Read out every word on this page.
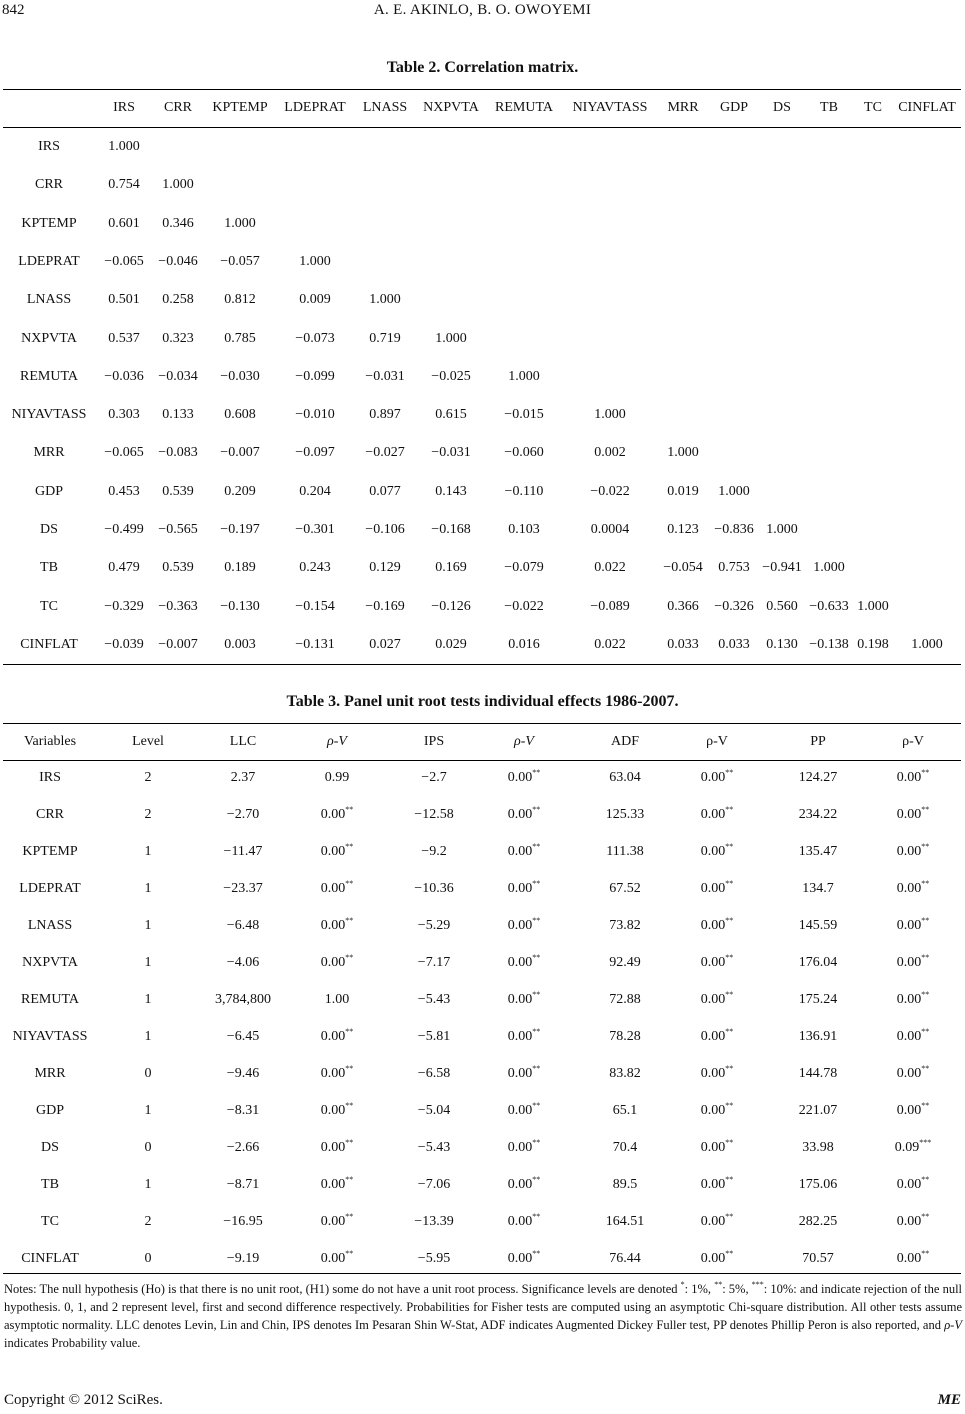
842	A. E. AKINLO, B. O. OWOYEMI
Table 2. Correlation matrix.
IRS CRR KPTEMP LDEPRAT LNASS NXPVTA REMUTA NIYAVTASS MRR GDP DS TB TC CINFLAT
IRS	1.000
CRR	0.754 1.000
KPTEMP 0.601 0.346 1.000
LDEPRAT −0.065 −0.046 −0.057	1.000
LNASS	0.501 0.258 0.812	0.009	1.000
NXPVTA 0.537 0.323 0.785	−0.073 0.719 1.000
REMUTA −0.036 −0.034 −0.030	−0.099 −0.031 −0.025	1.000
NIYAVTASS 0.303 0.133 0.608	−0.010 0.897 0.615	−0.015	1.000
MRR	−0.065 −0.083 −0.007	−0.097 −0.027 −0.031 −0.060	0.002	1.000
GDP	0.453 0.539 0.209	0.204	0.077 0.143	−0.110	−0.022	0.019 1.000
DS	−0.499 −0.565 −0.197	−0.301 −0.106 −0.168	0.103	0.0004	0.123 −0.836 1.000
TB	0.479 0.539 0.189	0.243	0.129 0.169	−0.079	0.022	−0.054 0.753 −0.941 1.000
TC	−0.329 −0.363 −0.130	−0.154 −0.169 −0.126 −0.022	−0.089	0.366 −0.326 0.560 −0.633 1.000
CINFLAT −0.039 −0.007 0.003	−0.131 0.027 0.029	0.016	0.022	0.033 0.033 0.130 −0.138 0.198 1.000
Table 3. Panel unit root tests individual effects 1986-2007.
Variables	Level	LLC	ρ-V	IPS	ρ-V	ADF	ρ-V	PP	ρ-V
IRS	2	2.37	0.99	−2.7	0.00**	63.04	0.00**	124.27	0.00**
CRR	2	−2.70	0.00**	−12.58	0.00**	125.33	0.00**	234.22	0.00**
KPTEMP	1	−11.47	0.00**	−9.2	0.00**	111.38	0.00**	135.47	0.00**
LDEPRAT	1	−23.37	0.00**	−10.36	0.00**	67.52	0.00**	134.7	0.00**
LNASS	1	−6.48	0.00**	−5.29	0.00**	73.82	0.00**	145.59	0.00**
NXPVTA	1	−4.06	0.00**	−7.17	0.00**	92.49	0.00**	176.04	0.00**
REMUTA	1	3,784,800	1.00	−5.43	0.00**	72.88	0.00**	175.24	0.00**
NIYAVTASS	1	−6.45	0.00**	−5.81	0.00**	78.28	0.00**	136.91	0.00**
MRR	0	−9.46	0.00**	−6.58	0.00**	83.82	0.00**	144.78	0.00**
GDP	1	−8.31	0.00**	−5.04	0.00**	65.1	0.00**	221.07	0.00**
DS	0	−2.66	0.00**	−5.43	0.00**	70.4	0.00**	33.98	0.09***
TB	1	−8.71	0.00**	−7.06	0.00**	89.5	0.00**	175.06	0.00**
TC	2	−16.95	0.00**	−13.39	0.00**	164.51	0.00**	282.25	0.00**
CINFLAT	0	−9.19	0.00**	−5.95	0.00**	76.44	0.00**	70.57	0.00**
Notes: The null hypothesis (Ho) is that there is no unit root, (H1) some do not have a unit root process. Significance levels are denoted *: 1%, **: 5%, ***: 10%: and indicate rejection of the null hypothesis. 0, 1, and 2 represent level, first and second difference respectively. Probabilities for Fisher tests are computed using an asymptotic Chi-square distribution. All other tests assume asymptotic normality. LLC denotes Levin, Lin and Chin, IPS denotes Im Pesaran Shin W-Stat, ADF indicates Augmented Dickey Fuller test, PP denotes Phillip Peron is also reported, and ρ-V indicates Probability value.
Copyright © 2012 SciRes.	ME
